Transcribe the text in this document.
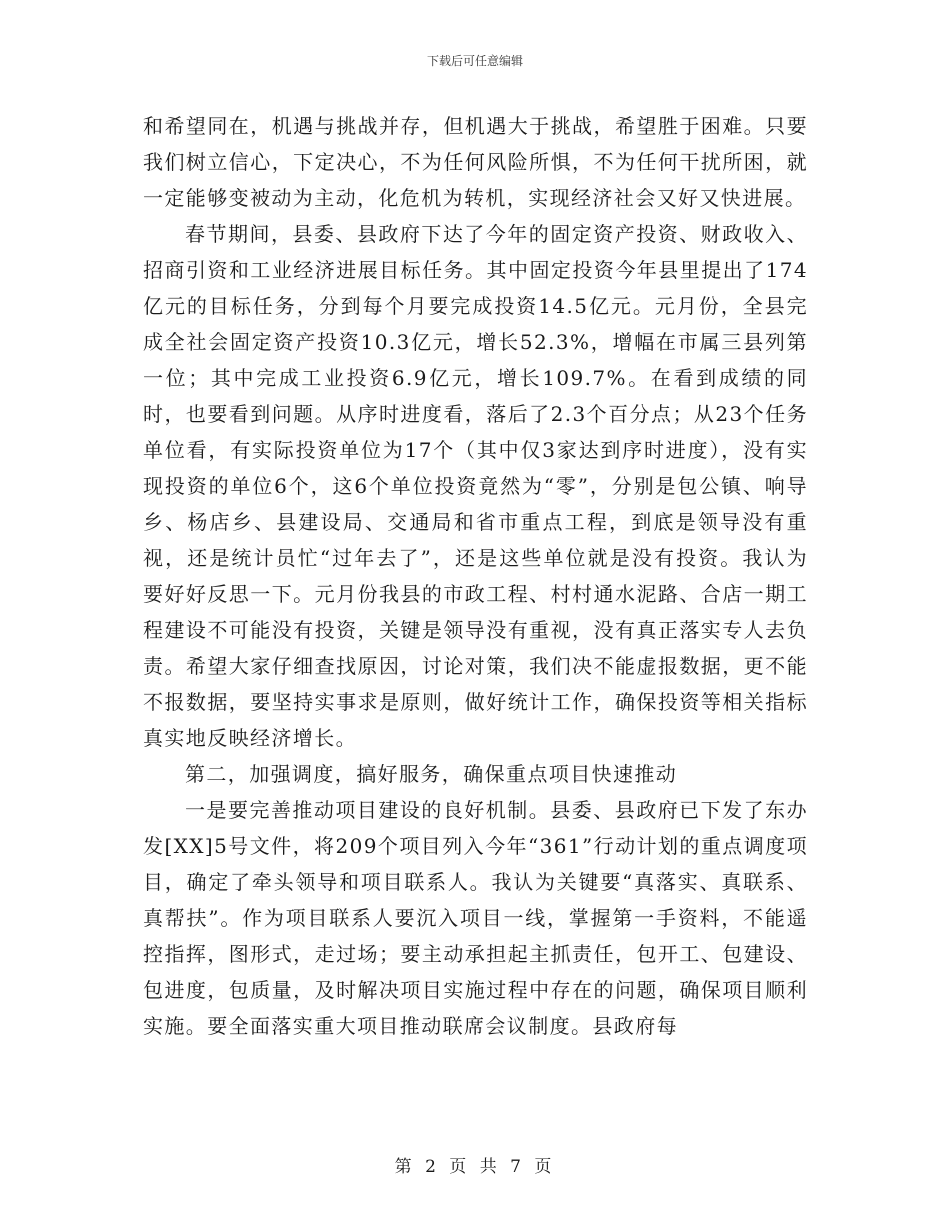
下载后可任意编辑

和希望同在，机遇与挑战并存，但机遇大于挑战，希望胜于困难。只要我们树立信心，下定决心，不为任何风险所惧，不为任何干扰所困，就一定能够变被动为主动，化危机为转机，实现经济社会又好又快进展。

春节期间，县委、县政府下达了今年的固定资产投资、财政收入、招商引资和工业经济进展目标任务。其中固定投资今年县里提出了174亿元的目标任务，分到每个月要完成投资14.5亿元。元月份，全县完成全社会固定资产投资10.3亿元，增长52.3%，增幅在市属三县列第一位；其中完成工业投资6.9亿元，增长109.7%。在看到成绩的同时，也要看到问题。从序时进度看，落后了2.3个百分点；从23个任务单位看，有实际投资单位为17个（其中仅3家达到序时进度），没有实现投资的单位6个，这6个单位投资竟然为“零”，分别是包公镇、响导乡、杨店乡、县建设局、交通局和省市重点工程，到底是领导没有重视，还是统计员忙“过年去了”，还是这些单位就是没有投资。我认为要好好反思一下。元月份我县的市政工程、村村通水泥路、合店一期工程建设不可能没有投资，关键是领导没有重视，没有真正落实专人去负责。希望大家仔细查找原因，讨论对策，我们决不能虚报数据，更不能不报数据，要坚持实事求是原则，做好统计工作，确保投资等相关指标真实地反映经济增长。

第二，加强调度，搞好服务，确保重点项目快速推动

一是要完善推动项目建设的良好机制。县委、县政府已下发了东办发[XX]5号文件，将209个项目列入今年“361”行动计划的重点调度项目，确定了牵头领导和项目联系人。我认为关键要“真落实、真联系、真帮扶”。作为项目联系人要沉入项目一线，掌握第一手资料，不能遥控指挥，图形式，走过场；要主动承担起主抓责任，包开工、包建设、包进度，包质量，及时解决项目实施过程中存在的问题，确保项目顺利实施。要全面落实重大项目推动联席会议制度。县政府每

第 2 页 共 7 页
